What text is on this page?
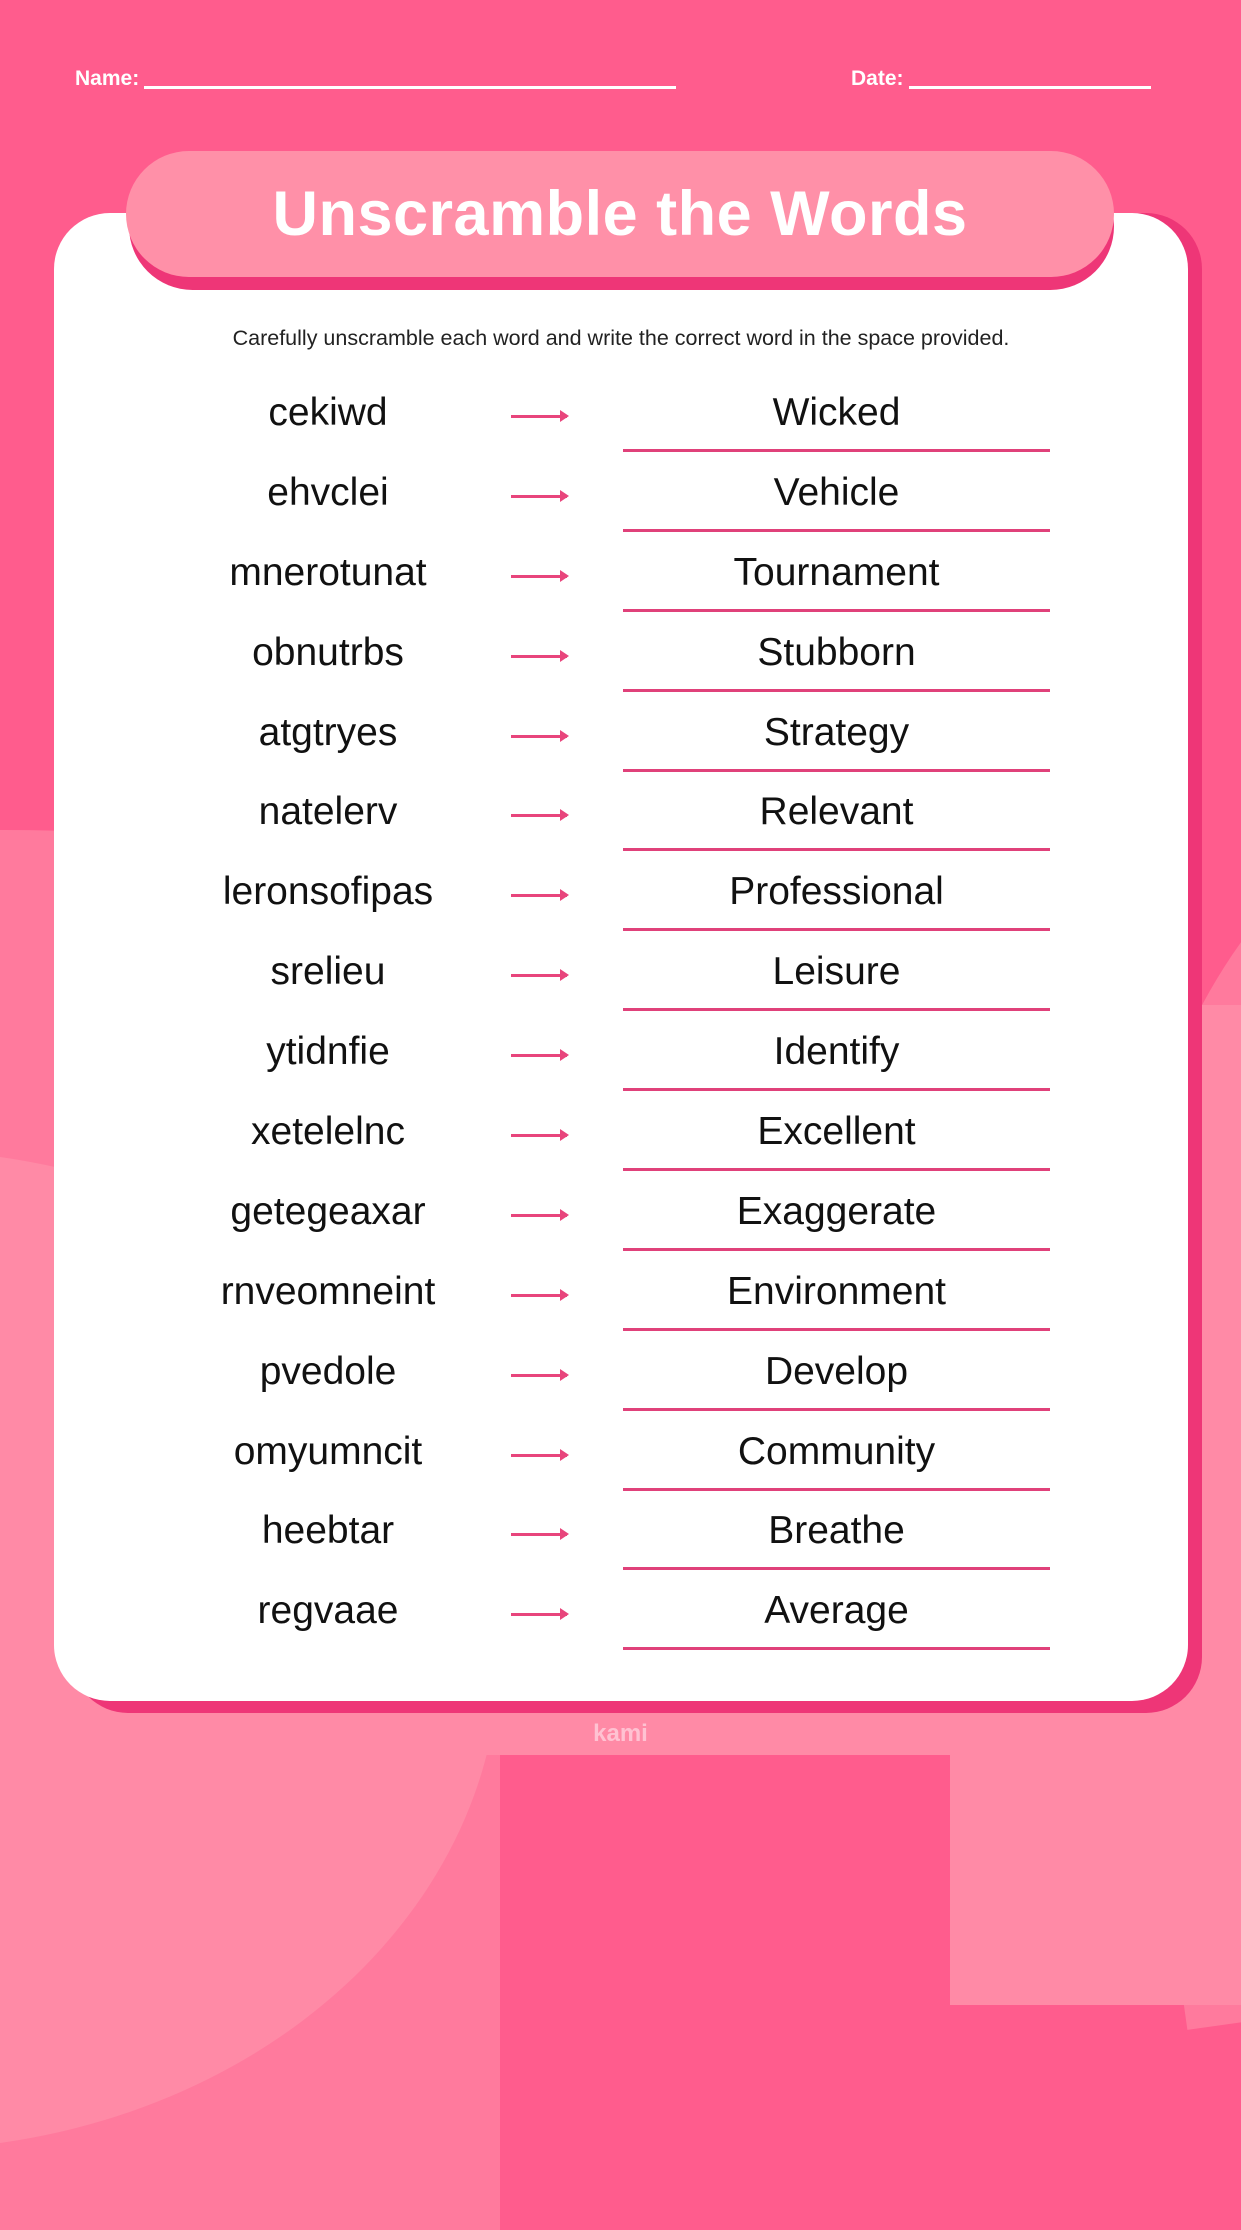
Name:	Date:
Unscramble the Words
Carefully unscramble each word and write the correct word in the space provided.
cekiwd	Wicked
ehvclei	Vehicle
mnerotunat	Tournament
obnutrbs	Stubborn
atgtryes	Strategy
natelerv	Relevant
leronsofipas	Professional
srelieu	Leisure
ytidnfie	Identify
xetelelnc	Excellent
getegeaxar	Exaggerate
rnveomneint	Environment
pvedole	Develop
omyumncit	Community
heebtar	Breathe
regvaae	Average
kami
